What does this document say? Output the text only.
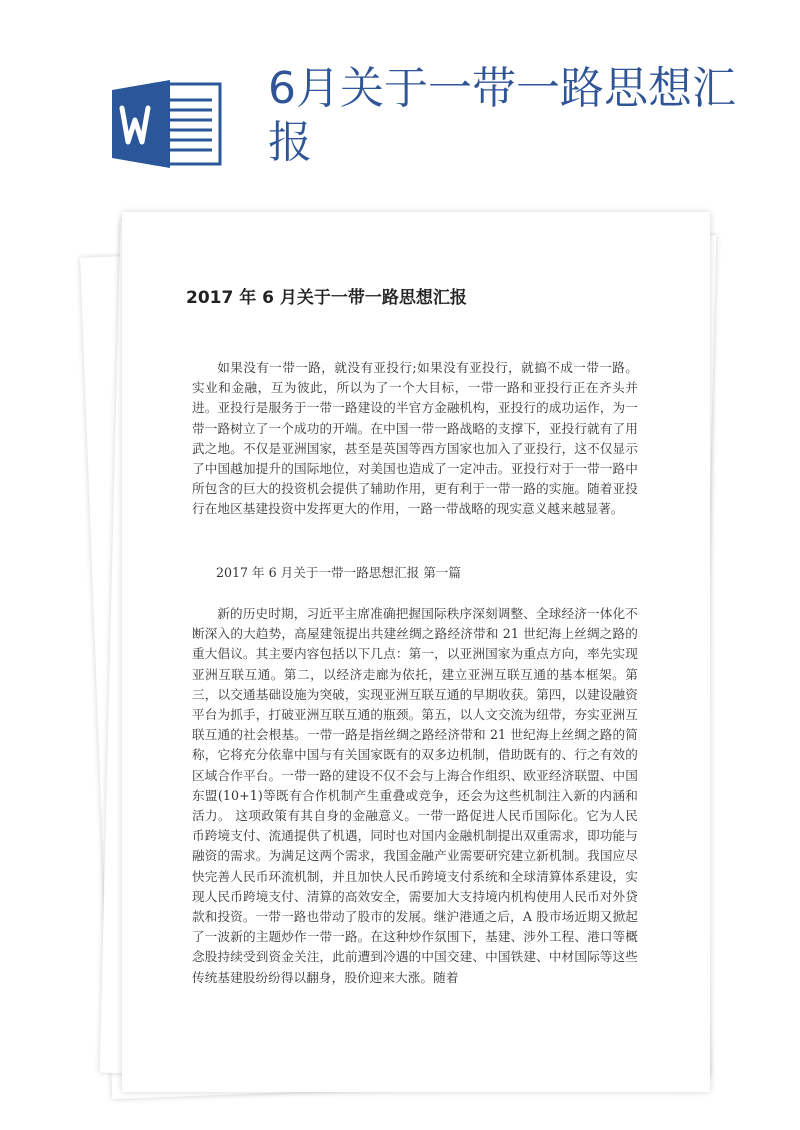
6月关于一带一路思想汇报
2017 年 6 月关于一带一路思想汇报

如果没有一带一路，就没有亚投行;如果没有亚投行，就搞不成一带一路。实业和金融，互为彼此，所以为了一个大目标，一带一路和亚投行正在齐头并进。亚投行是服务于一带一路建设的半官方金融机构，亚投行的成功运作，为一带一路树立了一个成功的开端。在中国一带一路战略的支撑下，亚投行就有了用武之地。不仅是亚洲国家，甚至是英国等西方国家也加入了亚投行，这不仅显示了中国越加提升的国际地位，对美国也造成了一定冲击。亚投行对于一带一路中所包含的巨大的投资机会提供了辅助作用，更有利于一带一路的实施。随着亚投行在地区基建投资中发挥更大的作用，一路一带战略的现实意义越来越显著。

2017 年 6 月关于一带一路思想汇报 第一篇

新的历史时期，习近平主席准确把握国际秩序深刻调整、全球经济一体化不断深入的大趋势，高屋建瓴提出共建丝绸之路经济带和 21 世纪海上丝绸之路的重大倡议。其主要内容包括以下几点：第一，以亚洲国家为重点方向，率先实现亚洲互联互通。第二，以经济走廊为依托，建立亚洲互联互通的基本框架。第三，以交通基础设施为突破，实现亚洲互联互通的早期收获。第四，以建设融资平台为抓手，打破亚洲互联互通的瓶颈。第五，以人文交流为纽带，夯实亚洲互联互通的社会根基。一带一路是指丝绸之路经济带和 21 世纪海上丝绸之路的简称，它将充分依靠中国与有关国家既有的双多边机制，借助既有的、行之有效的区域合作平台。一带一路的建设不仅不会与上海合作组织、欧亚经济联盟、中国东盟(10+1)等既有合作机制产生重叠或竞争，还会为这些机制注入新的内涵和活力。 这项政策有其自身的金融意义。一带一路促进人民币国际化。它为人民币跨境支付、流通提供了机遇，同时也对国内金融机制提出双重需求，即功能与融资的需求。为满足这两个需求，我国金融产业需要研究建立新机制。我国应尽快完善人民币环流机制，并且加快人民币跨境支付系统和全球清算体系建设，实现人民币跨境支付、清算的高效安全，需要加大支持境内机构使用人民币对外贷款和投资。一带一路也带动了股市的发展。继沪港通之后，A 股市场近期又掀起了一波新的主题炒作一带一路。在这种炒作氛围下，基建、涉外工程、港口等概念股持续受到资金关注，此前遭到冷遇的中国交建、中国铁建、中材国际等这些传统基建股纷纷得以翻身，股价迎来大涨。随着
